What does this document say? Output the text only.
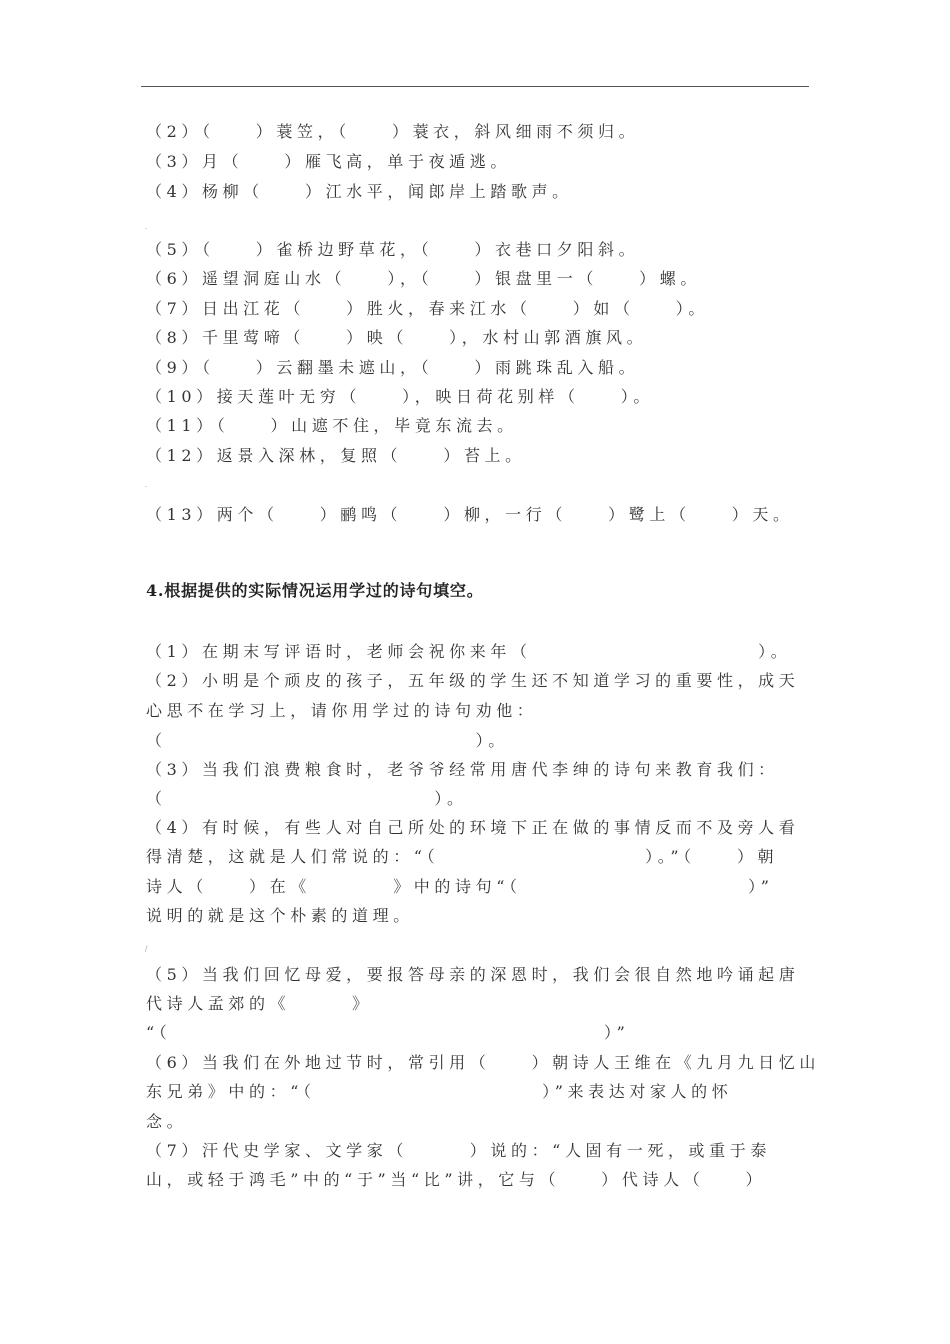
（2）（　　）蓑笠，（　　）蓑衣，斜风细雨不须归。
（3）月（　　）雁飞高，单于夜遁逃。
（4）杨柳（　　）江水平，闻郎岸上踏歌声。
·
（5）（　　）雀桥边野草花，（　　）衣巷口夕阳斜。
（6）遥望洞庭山水（　　），（　　）银盘里一（　　）螺。
（7）日出江花（　　）胜火，春来江水（　　）如（　　）。
（8）千里莺啼（　　）映（　　），水村山郭酒旗风。
（9）（　　）云翻墨未遮山，（　　）雨跳珠乱入船。
（10）接天莲叶无穷（　　），映日荷花别样（　　）。
（11）（　　）山遮不住，毕竟东流去。
（12）返景入深林，复照（　　）苔上。
·
（13）两个（　　）鹂鸣（　　）柳，一行（　　）鹭上（　　）天。
4.根据提供的实际情况运用学过的诗句填空。
（1）在期末写评语时，老师会祝你来年（　　　　　　　　　　　）。
（2）小明是个顽皮的孩子，五年级的学生还不知道学习的重要性，成天
心思不在学习上，请你用学过的诗句劝他：
（　　　　　　　　　　　　　　　）。
（3）当我们浪费粮食时，老爷爷经常用唐代李绅的诗句来教育我们：
（　　　　　　　　　　　　　）。
（4）有时候，有些人对自己所处的环境下正在做的事情反而不及旁人看
得清楚，这就是人们常说的：“（　　　　　　　　　　）。”（　　）朝
诗人（　　）在《　　　　》中的诗句“（　　　　　　　　　　　）”
说明的就是这个朴素的道理。
/
（5）当我们回忆母爱，要报答母亲的深恩时，我们会很自然地吟诵起唐
代诗人孟郊的《　　　》
“（　　　　　　　　　　　　　　　　　　　　　）”
（6）当我们在外地过节时，常引用（　　）朝诗人王维在《九月九日忆山
东兄弟》中的：“（　　　　　　　　　　　）”来表达对家人的怀
念。
（7）汗代史学家、文学家（　　　）说的：“人固有一死，或重于泰
山，或轻于鸿毛”中的“于”当“比”讲，它与（　　）代诗人（　　）
